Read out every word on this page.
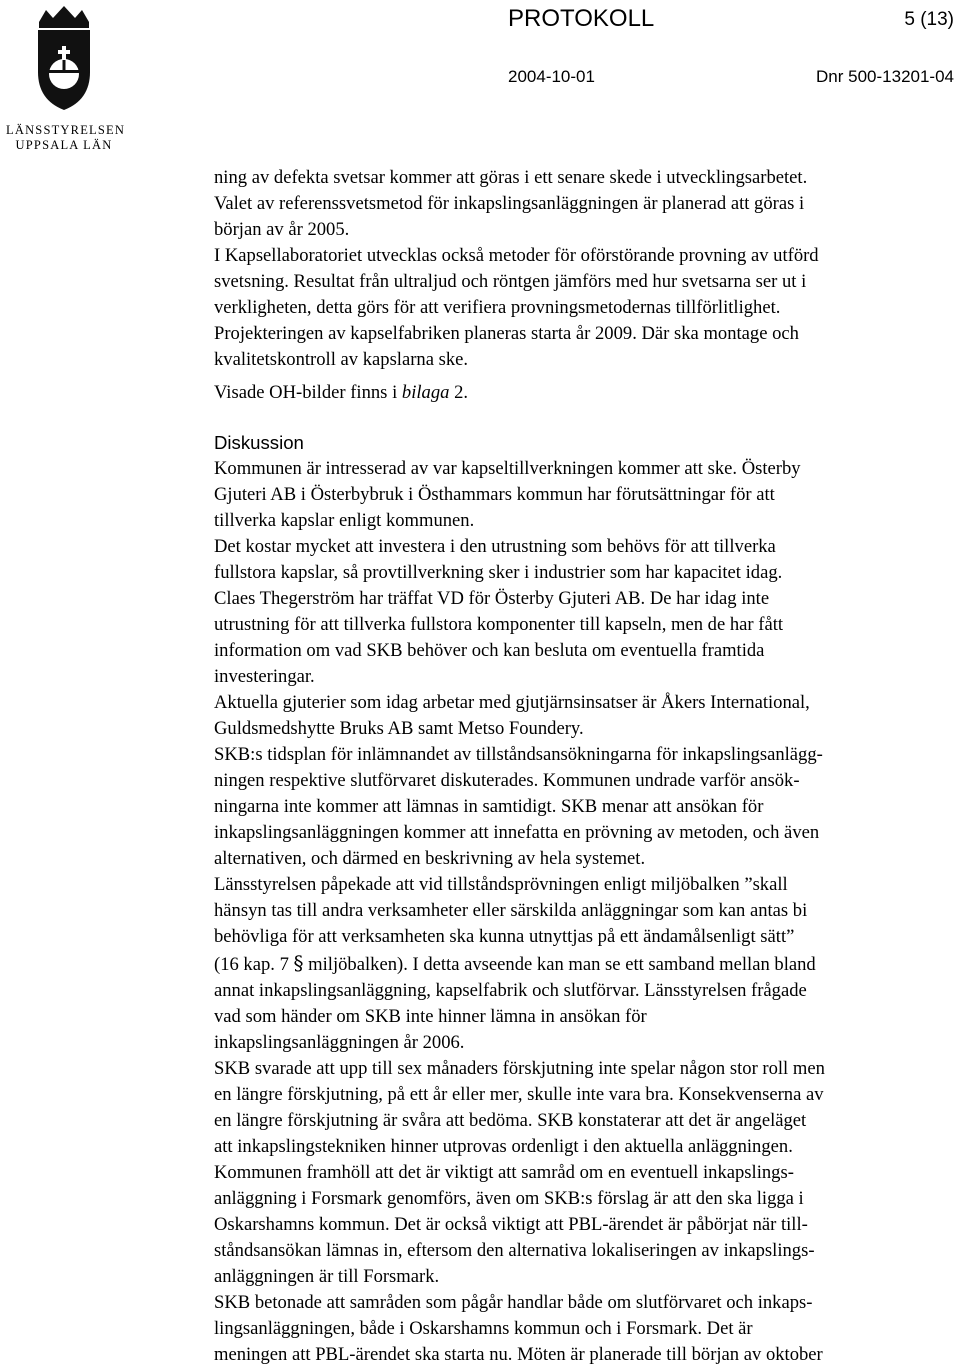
LÄNSSTYRELSEN
UPPSALA LÄN
PROTOKOLL	5 (13)
2004-10-01	Dnr 500-13201-04

ning av defekta svetsar kommer att göras i ett senare skede i utvecklingsarbetet.
Valet av referenssvetsmetod för inkapslingsanläggningen är planerad att göras i
början av år 2005.
I Kapsellaboratoriet utvecklas också metoder för oförstörande provning av utförd
svetsning. Resultat från ultraljud och röntgen jämförs med hur svetsarna ser ut i
verkligheten, detta görs för att verifiera provningsmetodernas tillförlitlighet.
Projekteringen av kapselfabriken planeras starta år 2009. Där ska montage och
kvalitetskontroll av kapslarna ske.

Visade OH-bilder finns i bilaga 2.

Diskussion

Kommunen är intresserad av var kapseltillverkningen kommer att ske. Österby
Gjuteri AB i Österbybruk i Östhammars kommun har förutsättningar för att
tillverka kapslar enligt kommunen.
Det kostar mycket att investera i den utrustning som behövs för att tillverka
fullstora kapslar, så provtillverkning sker i industrier som har kapacitet idag.
Claes Thegerström har träffat VD för Österby Gjuteri AB. De har idag inte
utrustning för att tillverka fullstora komponenter till kapseln, men de har fått
information om vad SKB behöver och kan besluta om eventuella framtida
investeringar.
Aktuella gjuterier som idag arbetar med gjutjärnsinsatser är Åkers International,
Guldsmedshytte Bruks AB samt Metso Foundery.
SKB:s tidsplan för inlämnandet av tillståndsansökningarna för inkapslingsanlägg-
ningen respektive slutförvaret diskuterades. Kommunen undrade varför ansök-
ningarna inte kommer att lämnas in samtidigt. SKB menar att ansökan för
inkapslingsanläggningen kommer att innefatta en prövning av metoden, och även
alternativen, och därmed en beskrivning av hela systemet.
Länsstyrelsen påpekade att vid tillståndsprövningen enligt miljöbalken ”skall
hänsyn tas till andra verksamheter eller särskilda anläggningar som kan antas bi
behövliga för att verksamheten ska kunna utnyttjas på ett ändamålsenligt sätt”
(16 kap. 7 § miljöbalken). I detta avseende kan man se ett samband mellan bland
annat inkapslingsanläggning, kapselfabrik och slutförvar. Länsstyrelsen frågade
vad som händer om SKB inte hinner lämna in ansökan för
inkapslingsanläggningen år 2006.
SKB svarade att upp till sex månaders förskjutning inte spelar någon stor roll men
en längre förskjutning, på ett år eller mer, skulle inte vara bra. Konsekvenserna av
en längre förskjutning är svåra att bedöma. SKB konstaterar att det är angeläget
att inkapslingstekniken hinner utprovas ordenligt i den aktuella anläggningen.
Kommunen framhöll att det är viktigt att samråd om en eventuell inkapslings-
anläggning i Forsmark genomförs, även om SKB:s förslag är att den ska ligga i
Oskarshamns kommun. Det är också viktigt att PBL-ärendet är påbörjat när till-
ståndsansökan lämnas in, eftersom den alternativa lokaliseringen av inkapslings-
anläggningen är till Forsmark.
SKB betonade att samråden som pågår handlar både om slutförvaret och inkaps-
lingsanläggningen, både i Oskarshamns kommun och i Forsmark. Det är
meningen att PBL-ärendet ska starta nu. Möten är planerade till början av oktober
